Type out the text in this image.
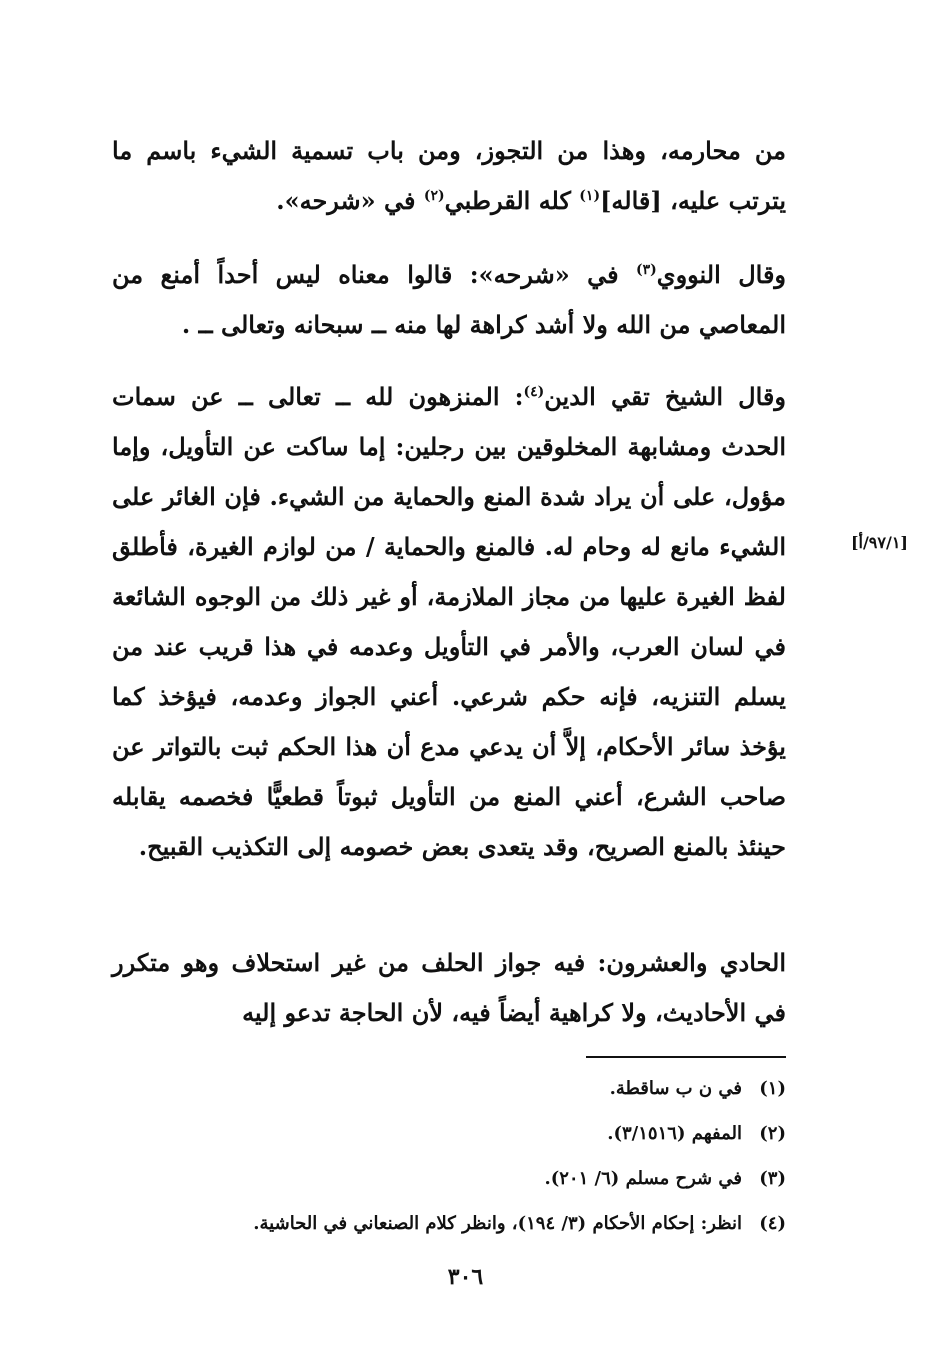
من محارمه، وهذا من التجوز، ومن باب تسمية الشيء باسم ما يترتب عليه، [قاله]$^{(١)}$ كله القرطبي$^{(٢)}$ في «شرحه».
وقال النووي$^{(٣)}$ في «شرحه»: قالوا معناه ليس أحداً أمنع من المعاصي من الله ولا أشد كراهة لها منه ــ سبحانه وتعالى ــ .
وقال الشيخ تقي الدين$^{(٤)}$: المنزهون لله ــ تعالى ــ عن سمات الحدث ومشابهة المخلوقين بين رجلين: إما ساكت عن التأويل، وإما مؤول، على أن يراد شدة المنع والحماية من الشيء. فإن الغائر على الشيء مانع له وحام له. فالمنع والحماية / من لوازم الغيرة، فأطلق لفظ الغيرة عليها من مجاز الملازمة، أو غير ذلك من الوجوه الشائعة في لسان العرب، والأمر في التأويل وعدمه في هذا قريب عند من يسلم التنزيه، فإنه حكم شرعي. أعني الجواز وعدمه، فيؤخذ كما يؤخذ سائر الأحكام، إلاَّ أن يدعي مدع أن هذا الحكم ثبت بالتواتر عن صاحب الشرع، أعني المنع من التأويل ثبوتاً قطعيًّا فخصمه يقابله حينئذ بالمنع الصريح، وقد يتعدى بعض خصومه إلى التكذيب القبيح.
[٩٧/١/أ]
الحادي والعشرون: فيه جواز الحلف من غير استحلاف وهو متكرر في الأحاديث، ولا كراهية أيضاً فيه، لأن الحاجة تدعو إليه
(١)في ن ب ساقطة.
(٢)المفهم (٣/١٥١٦).
(٣)في شرح مسلم (٦/ ٢٠١).
(٤)انظر: إحكام الأحكام (٣/ ١٩٤)، وانظر كلام الصنعاني في الحاشية.
٣٠٦
